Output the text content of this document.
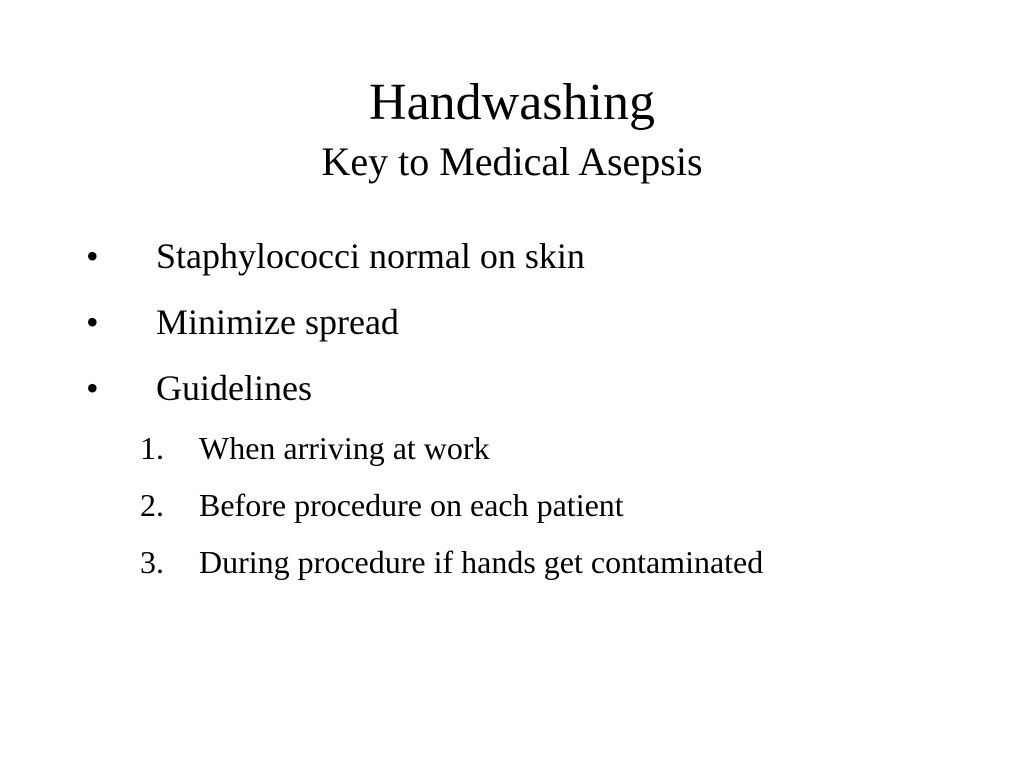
Handwashing
Key to Medical Asepsis
•	Staphylococci normal on skin
•	Minimize spread
•	Guidelines
1.	When arriving at work
2.	Before procedure on each patient
3.	During procedure if hands get contaminated
